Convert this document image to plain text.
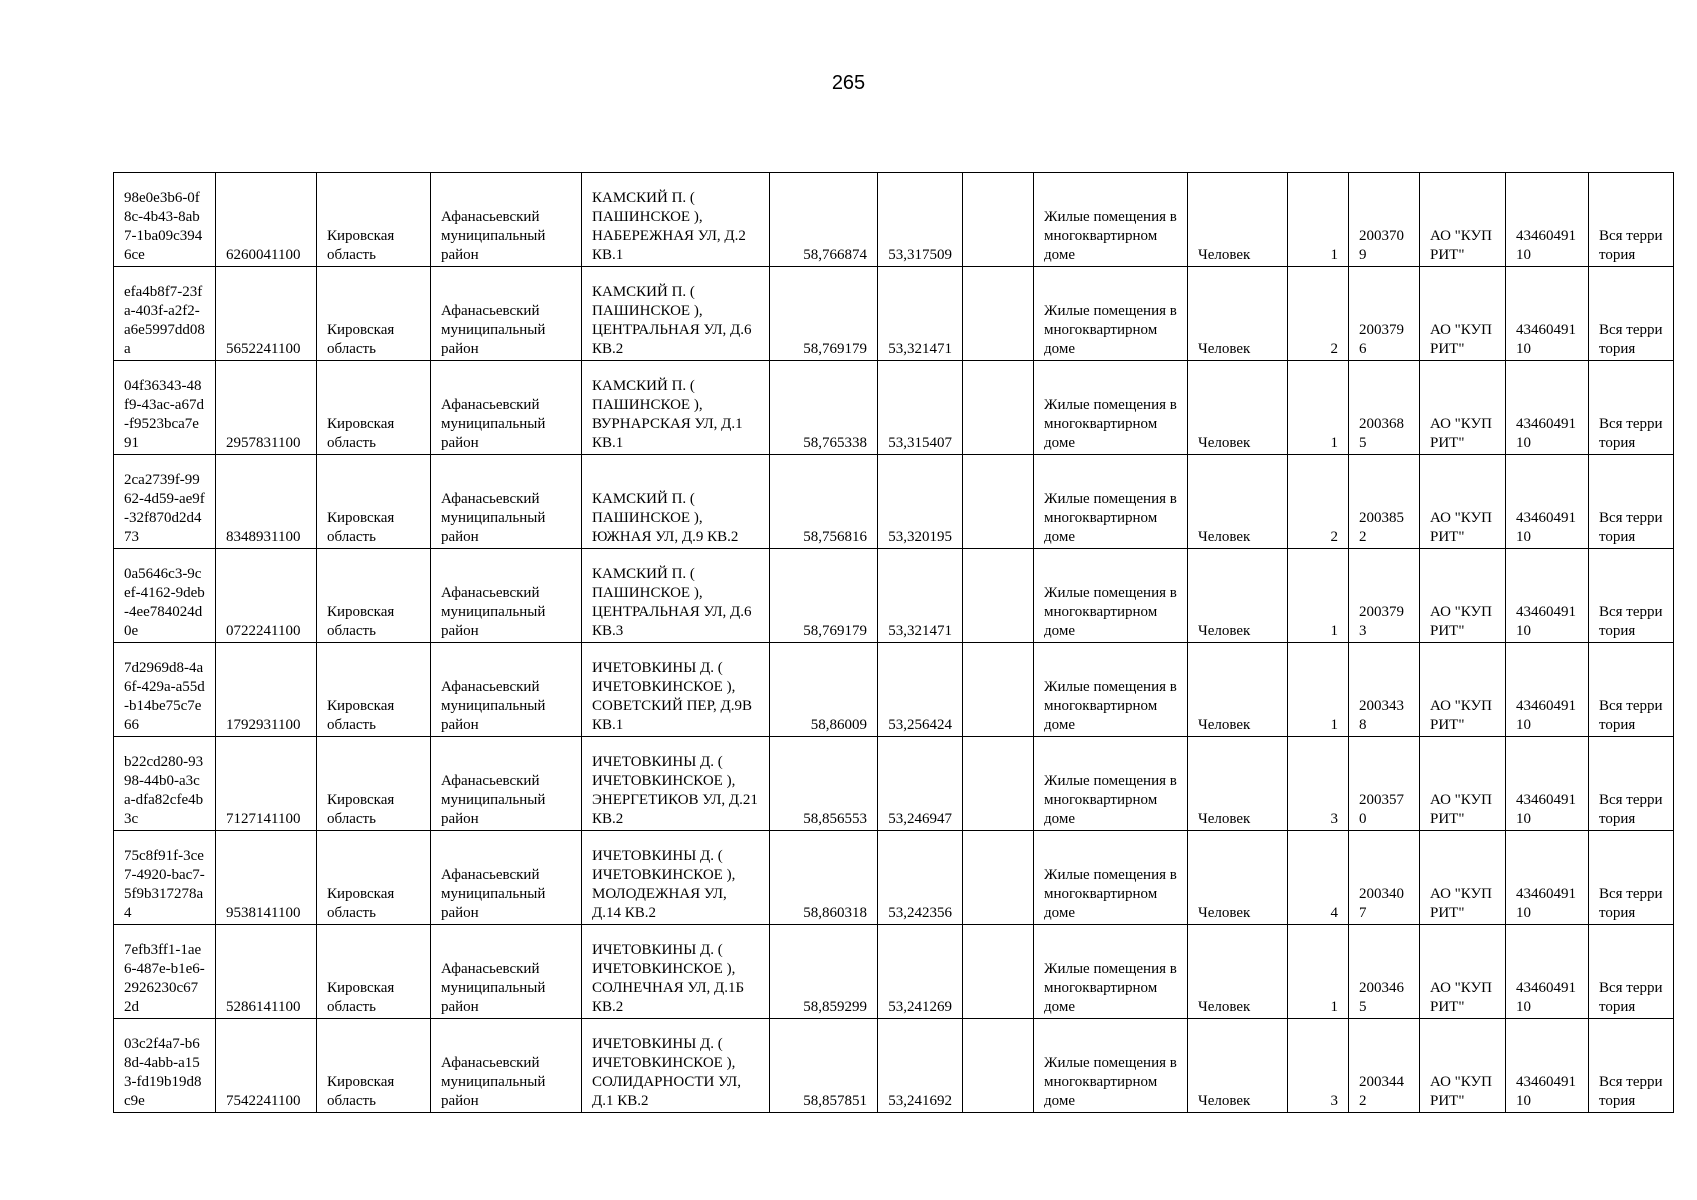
265
98e0e3b6-0f8c-4b43-8ab7-1ba09c3946ce	6260041100	Кировская область	Афанасьевский муниципальный район	КАМСКИЙ П. ( ПАШИНСКОЕ ), НАБЕРЕЖНАЯ УЛ, Д.2 КВ.1	58,766874	53,317509		Жилые помещения в многоквартирном доме	Человек	1	2003709	АО "КУПРИТ"	4346049110	Вся территория
efa4b8f7-23fa-403f-a2f2-a6e5997dd08a	5652241100	Кировская область	Афанасьевский муниципальный район	КАМСКИЙ П. ( ПАШИНСКОЕ ), ЦЕНТРАЛЬНАЯ УЛ, Д.6 КВ.2	58,769179	53,321471		Жилые помещения в многоквартирном доме	Человек	2	2003796	АО "КУПРИТ"	4346049110	Вся территория
04f36343-48f9-43ac-a67d-f9523bca7e91	2957831100	Кировская область	Афанасьевский муниципальный район	КАМСКИЙ П. ( ПАШИНСКОЕ ), ВУРНАРСКАЯ УЛ, Д.1 КВ.1	58,765338	53,315407		Жилые помещения в многоквартирном доме	Человек	1	2003685	АО "КУПРИТ"	4346049110	Вся территория
2ca2739f-9962-4d59-ae9f-32f870d2d473	8348931100	Кировская область	Афанасьевский муниципальный район	КАМСКИЙ П. ( ПАШИНСКОЕ ), ЮЖНАЯ УЛ, Д.9 КВ.2	58,756816	53,320195		Жилые помещения в многоквартирном доме	Человек	2	2003852	АО "КУПРИТ"	4346049110	Вся территория
0a5646c3-9cef-4162-9deb-4ee784024d0e	0722241100	Кировская область	Афанасьевский муниципальный район	КАМСКИЙ П. ( ПАШИНСКОЕ ), ЦЕНТРАЛЬНАЯ УЛ, Д.6 КВ.3	58,769179	53,321471		Жилые помещения в многоквартирном доме	Человек	1	2003793	АО "КУПРИТ"	4346049110	Вся территория
7d2969d8-4a6f-429a-a55d-b14be75c7e66	1792931100	Кировская область	Афанасьевский муниципальный район	ИЧЕТОВКИНЫ Д. ( ИЧЕТОВКИНСКОЕ ), СОВЕТСКИЙ ПЕР, Д.9В КВ.1	58,86009	53,256424		Жилые помещения в многоквартирном доме	Человек	1	2003438	АО "КУПРИТ"	4346049110	Вся территория
b22cd280-9398-44b0-a3ca-dfa82cfe4b3c	7127141100	Кировская область	Афанасьевский муниципальный район	ИЧЕТОВКИНЫ Д. ( ИЧЕТОВКИНСКОЕ ), ЭНЕРГЕТИКОВ УЛ, Д.21 КВ.2	58,856553	53,246947		Жилые помещения в многоквартирном доме	Человек	3	2003570	АО "КУПРИТ"	4346049110	Вся территория
75c8f91f-3ce7-4920-bac7-5f9b317278a4	9538141100	Кировская область	Афанасьевский муниципальный район	ИЧЕТОВКИНЫ Д. ( ИЧЕТОВКИНСКОЕ ), МОЛОДЕЖНАЯ УЛ, Д.14 КВ.2	58,860318	53,242356		Жилые помещения в многоквартирном доме	Человек	4	2003407	АО "КУПРИТ"	4346049110	Вся территория
7efb3ff1-1ae6-487e-b1e6-2926230c672d	5286141100	Кировская область	Афанасьевский муниципальный район	ИЧЕТОВКИНЫ Д. ( ИЧЕТОВКИНСКОЕ ), СОЛНЕЧНАЯ УЛ, Д.1Б КВ.2	58,859299	53,241269		Жилые помещения в многоквартирном доме	Человек	1	2003465	АО "КУПРИТ"	4346049110	Вся территория
03c2f4a7-b68d-4abb-a153-fd19b19d8c9e	7542241100	Кировская область	Афанасьевский муниципальный район	ИЧЕТОВКИНЫ Д. ( ИЧЕТОВКИНСКОЕ ), СОЛИДАРНОСТИ УЛ, Д.1 КВ.2	58,857851	53,241692		Жилые помещения в многоквартирном доме	Человек	3	2003442	АО "КУПРИТ"	4346049110	Вся территория
